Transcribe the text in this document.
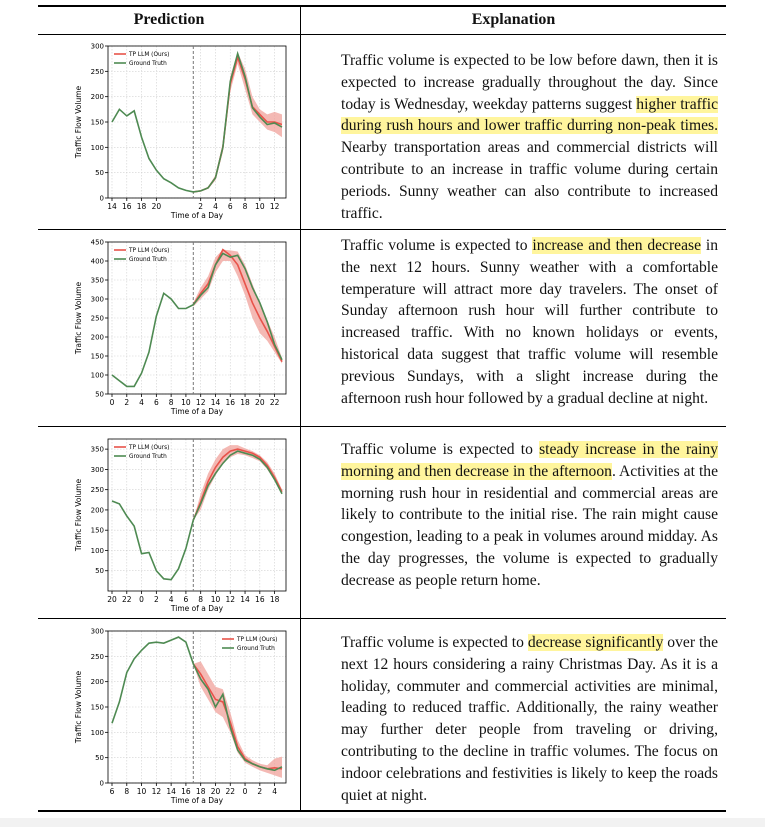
Prediction	Explanation
0
50
100
150
200
250
300
14 16 18 20	2 4 6 8 10 12
Time of a Day
Traffic Flow Volume
TP LLM (Ours)
Ground Truth
50
100
150
200
250
300
350
400
450
0 2 4 6 8 10 12 14 16 18 20 22
Time of a Day
Traffic Flow Volume
TP LLM (Ours)
Ground Truth
50
100
150
200
250
300
350
20 22 0 2 4 6 8 10 12 14 16 18
Time of a Day
Traffic Flow Volume
TP LLM (Ours)
Ground Truth
0
50
100
150
200
250
300
6 8 10 12 14 16 18 20 22 0 2 4
Time of a Day
Traffic Flow Volume
TP LLM (Ours)
Ground Truth
Traffic volume is expected to be low before dawn, then it is expected to increase gradually throughout the day. Since today is Wednesday, weekday patterns suggest higher traffic during rush hours and lower traffic durring non-peak times. Nearby transportation areas and commercial districts will contribute to an increase in traffic volume during certain periods. Sunny weather can also contribute to increased traffic.
Traffic volume is expected to increase and then decrease in the next 12 hours. Sunny weather with a comfortable temperature will attract more day travelers. The onset of Sunday afternoon rush hour will further contribute to increased traffic. With no known holidays or events, historical data suggest that traffic volume will resemble previous Sundays, with a slight increase during the afternoon rush hour followed by a gradual decline at night.
Traffic volume is expected to steady increase in the rainy morning and then decrease in the afternoon. Activities at the morning rush hour in residential and commercial areas are likely to contribute to the initial rise. The rain might cause congestion, leading to a peak in volumes around midday. As the day progresses, the volume is expected to gradually decrease as people return home.
Traffic volume is expected to decrease significantly over the next 12 hours considering a rainy Christmas Day. As it is a holiday, commuter and commercial activities are minimal, leading to reduced traffic. Additionally, the rainy weather may further deter people from traveling or driving, contributing to the decline in traffic volumes. The focus on indoor celebrations and festivities is likely to keep the roads quiet at night.
